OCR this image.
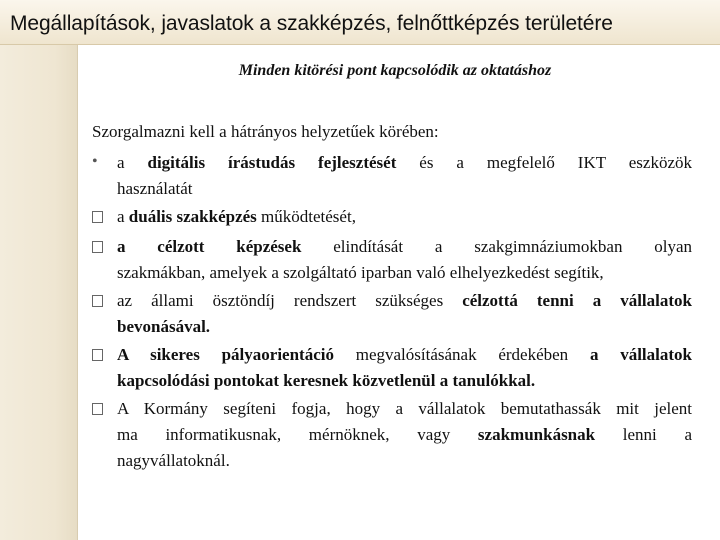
Megállapítások, javaslatok a szakképzés, felnőttképzés területére
Minden kitörési pont kapcsolódik az oktatáshoz
Szorgalmazni kell a hátrányos helyzetűek körében:
•	a digitális írástudás fejlesztését és a megfelelő IKT eszközök
használatát
a duális szakképzés működtetését,
a célzott képzések elindítását a szakgimnáziumokban olyan
szakmákban, amelyek a szolgáltató iparban való elhelyezkedést segítik,
az állami ösztöndíj rendszert szükséges célzottá tenni a vállalatok
bevonásával.
A sikeres pályaorientáció megvalósításának érdekében a vállalatok
kapcsolódási pontokat keresnek közvetlenül a tanulókkal.
A Kormány segíteni fogja, hogy a vállalatok bemutathassák mit jelent
ma informatikusnak, mérnöknek, vagy szakmunkásnak lenni a
nagyvállatoknál.
